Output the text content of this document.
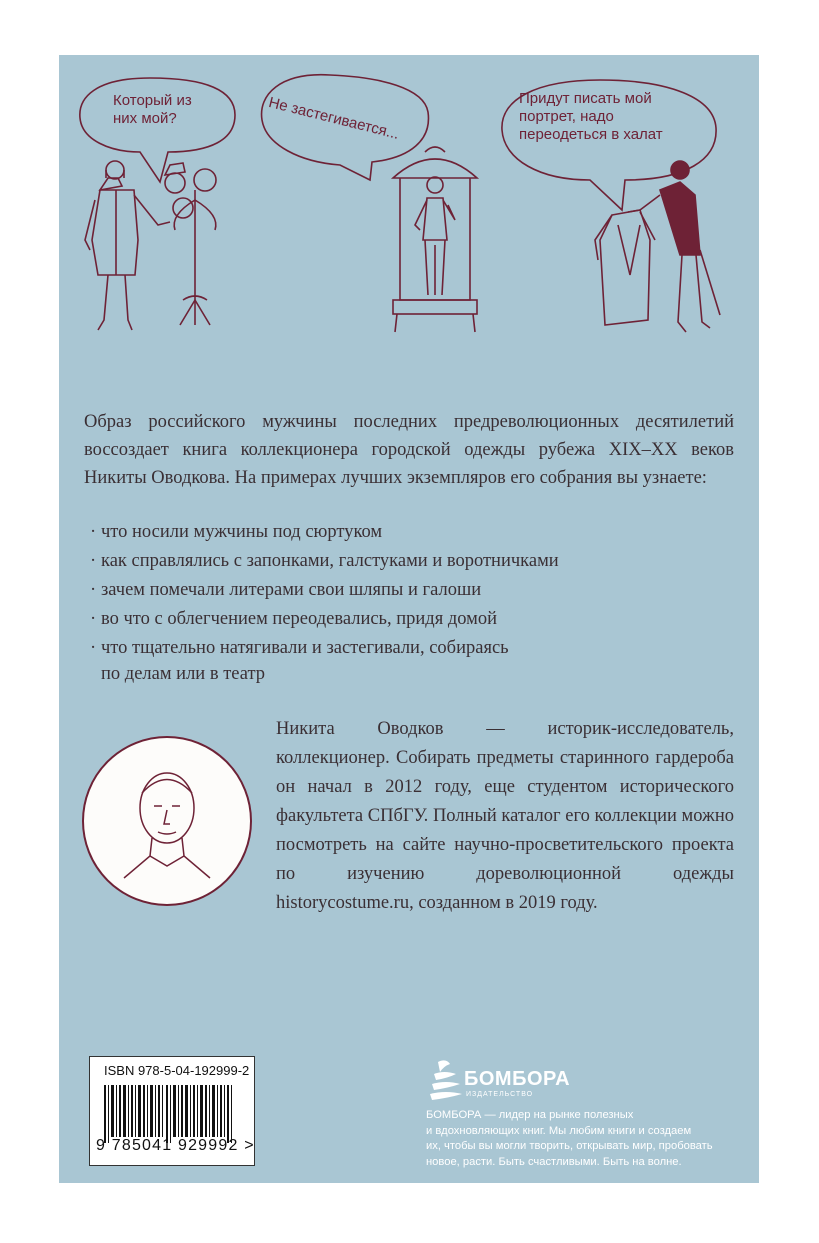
Который из них мой?	Не застегивается...	Придут писать мой портрет, надо переодеться в халат

Образ российского мужчины последних предреволюционных десятилетий воссоздает книга коллекционера городской одежды рубежа XIX–XX веков Никиты Оводкова. На примерах лучших экземпляров его собрания вы узнаете:

· что носили мужчины под сюртуком
· как справлялись с запонками, галстуками и воротничками
· зачем помечали литерами свои шляпы и галоши
· во что с облегчением переодевались, придя домой
· что тщательно натягивали и застегивали, собираясь
по делам или в театр
Никита Оводков — историк-исследователь, коллекционер. Собирать предметы старинного гардероба он начал в 2012 году, еще студентом исторического факультета СПбГУ. Полный каталог его коллекции можно посмотреть на сайте научно-просветительского проекта по изучению дореволюционной одежды historycostume.ru, созданном в 2019 году.
ISBN 978-5-04-192999-2
9 785041 929992 >
БОМБОРА
ИЗДАТЕЛЬСТВО
БОМБОРА — лидер на рынке полезных
и вдохновляющих книг. Мы любим книги и создаем
их, чтобы вы могли творить, открывать мир, пробовать
новое, расти. Быть счастливыми. Быть на волне.
